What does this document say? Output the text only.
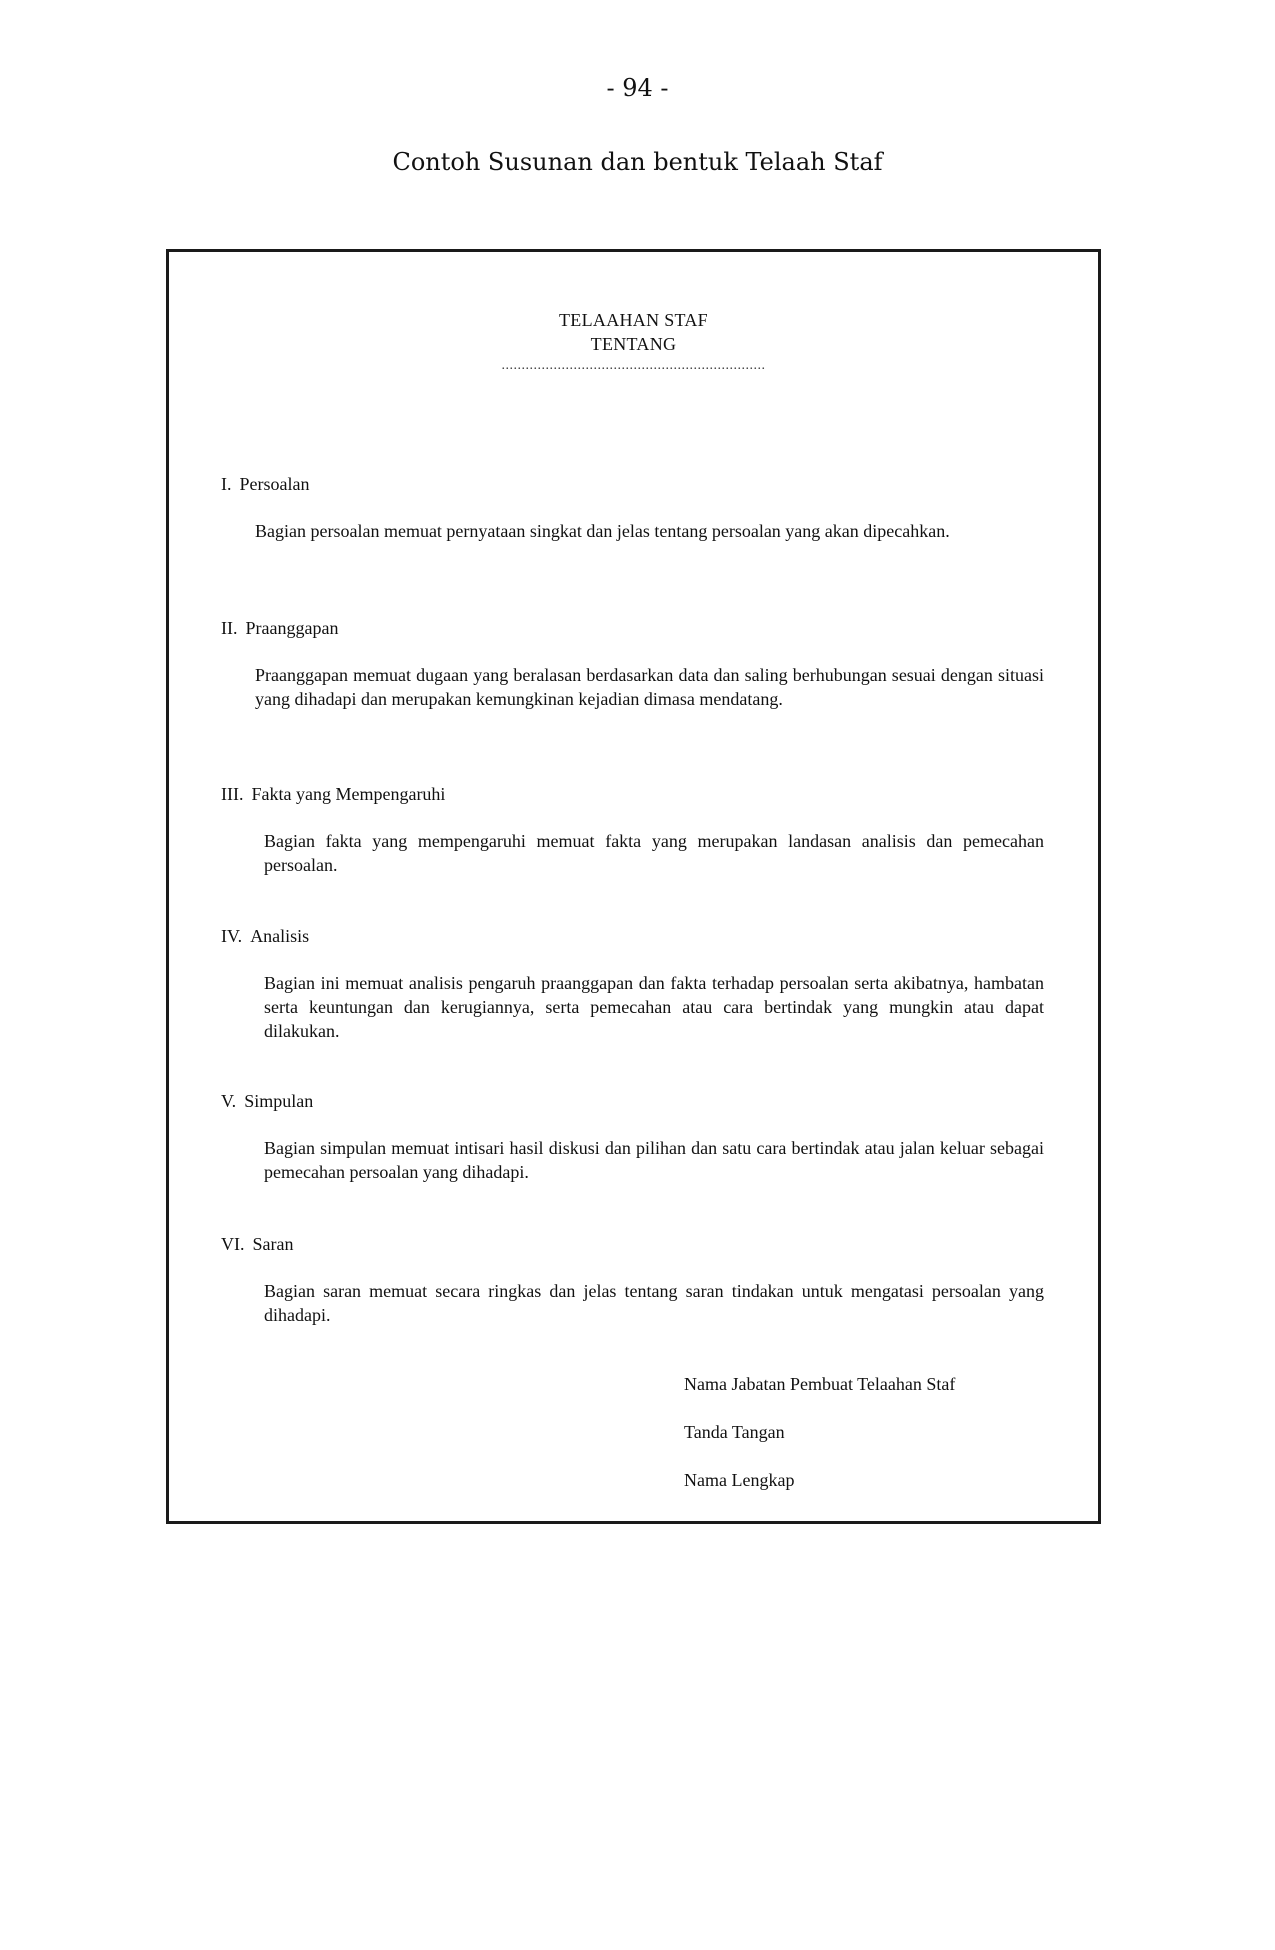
- 94 -
Contoh Susunan dan bentuk Telaah Staf
TELAAHAN STAF
TENTANG
..................................................................
I. Persoalan
Bagian persoalan memuat pernyataan singkat dan jelas tentang persoalan yang akan dipecahkan.
II. Praanggapan
Praanggapan memuat dugaan yang beralasan berdasarkan data dan saling berhubungan sesuai dengan situasi yang dihadapi dan merupakan kemungkinan kejadian dimasa mendatang.
III. Fakta yang Mempengaruhi
Bagian fakta yang mempengaruhi memuat fakta yang merupakan landasan analisis dan pemecahan persoalan.
IV. Analisis
Bagian ini memuat analisis pengaruh praanggapan dan fakta terhadap persoalan serta akibatnya, hambatan serta keuntungan dan kerugiannya, serta pemecahan atau cara bertindak yang mungkin atau dapat dilakukan.
V. Simpulan
Bagian simpulan memuat intisari hasil diskusi dan pilihan dan satu cara bertindak atau jalan keluar sebagai pemecahan persoalan yang dihadapi.
VI. Saran
Bagian saran memuat secara ringkas dan jelas tentang saran tindakan untuk mengatasi persoalan yang dihadapi.
Nama Jabatan Pembuat Telaahan Staf
Tanda Tangan
Nama Lengkap
